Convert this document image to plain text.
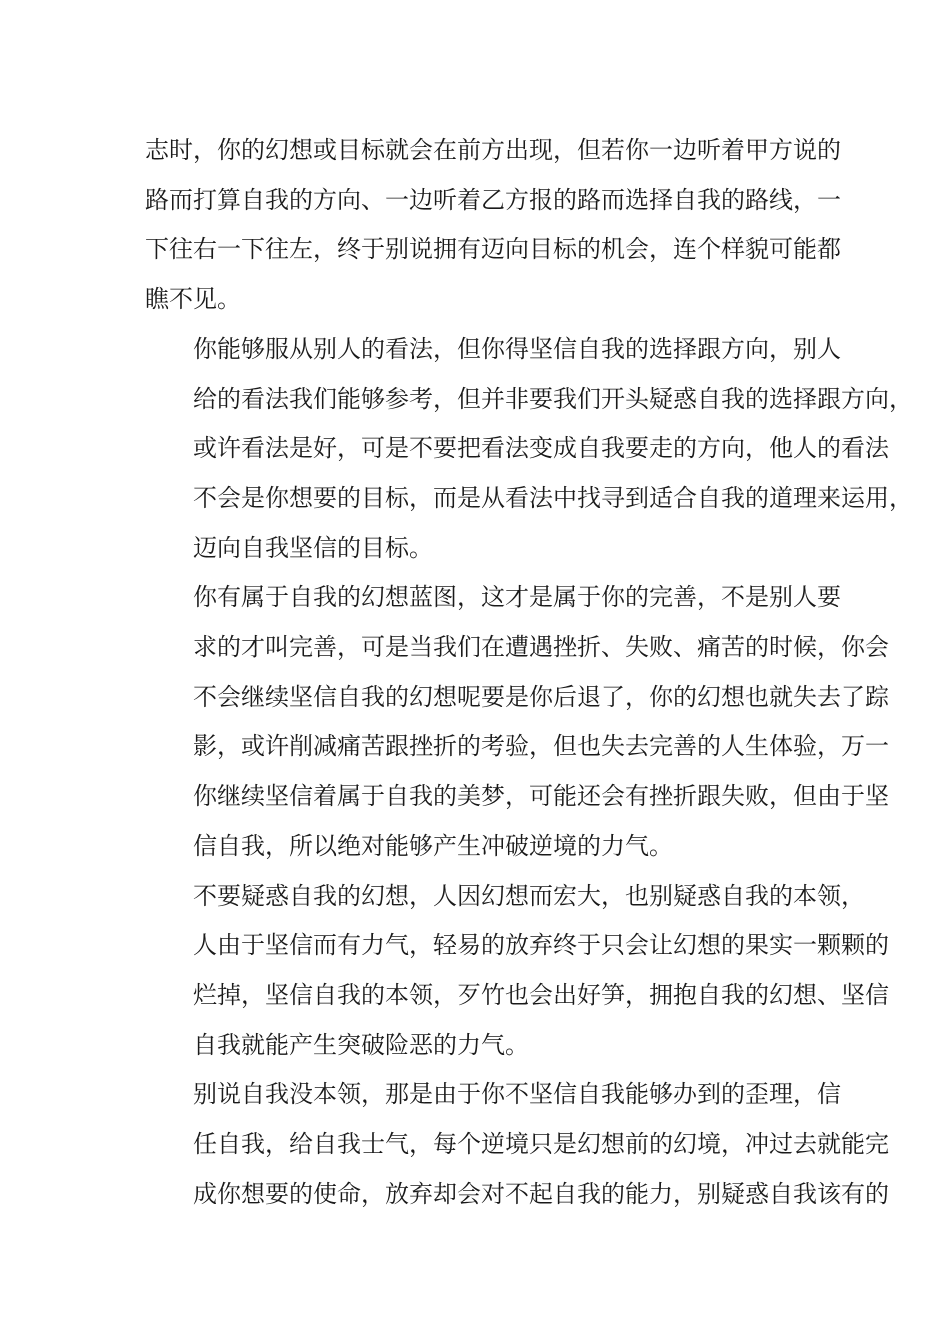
志时，你的幻想或目标就会在前方出现，但若你一边听着甲方说的
路而打算自我的方向、一边听着乙方报的路而选择自我的路线，一
下往右一下往左，终于别说拥有迈向目标的机会，连个样貌可能都
瞧不见。

你能够服从别人的看法，但你得坚信自我的选择跟方向，别人
给的看法我们能够参考，但并非要我们开头疑惑自我的选择跟方向，
或许看法是好，可是不要把看法变成自我要走的方向，他人的看法
不会是你想要的目标，而是从看法中找寻到适合自我的道理来运用，
迈向自我坚信的目标。

你有属于自我的幻想蓝图，这才是属于你的完善，不是别人要
求的才叫完善，可是当我们在遭遇挫折、失败、痛苦的时候，你会
不会继续坚信自我的幻想呢要是你后退了，你的幻想也就失去了踪
影，或许削减痛苦跟挫折的考验，但也失去完善的人生体验，万一
你继续坚信着属于自我的美梦，可能还会有挫折跟失败，但由于坚
信自我，所以绝对能够产生冲破逆境的力气。

不要疑惑自我的幻想，人因幻想而宏大，也别疑惑自我的本领，
人由于坚信而有力气，轻易的放弃终于只会让幻想的果实一颗颗的
烂掉，坚信自我的本领，歹竹也会出好笋，拥抱自我的幻想、坚信
自我就能产生突破险恶的力气。

别说自我没本领，那是由于你不坚信自我能够办到的歪理，信
任自我，给自我士气，每个逆境只是幻想前的幻境，冲过去就能完
成你想要的使命，放弃却会对不起自我的能力，别疑惑自我该有的
